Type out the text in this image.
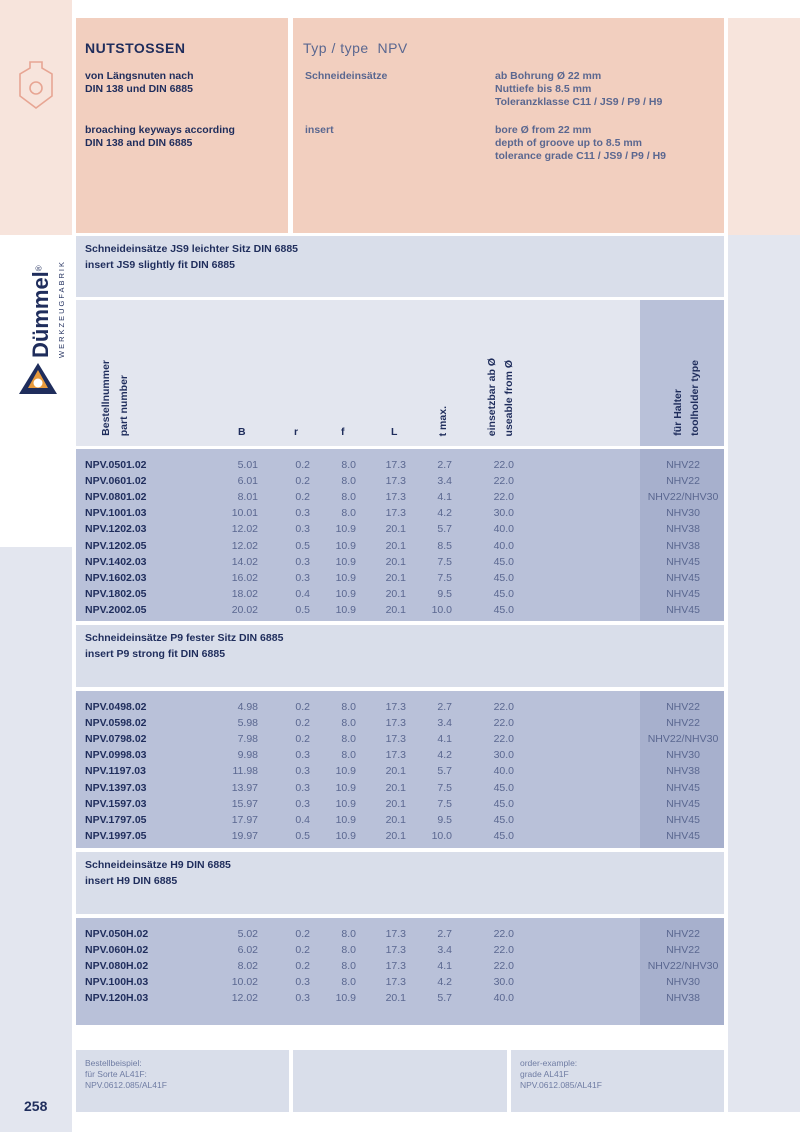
NUTSTOSSEN
von Längsnuten nach
DIN 138 und DIN 6885
broaching keyways according
DIN 138 and DIN 6885
Typ / type  NPV
Schneideinsätze
insert
ab Bohrung Ø 22 mm
Nuttiefe bis 8.5 mm
Toleranzklasse C11 / JS9 / P9 / H9
bore Ø from 22 mm
depth of groove up to 8.5 mm
tolerance grade C11 / JS9 / P9 / H9
Dümmel®	WERKZEUGFABRIK
Schneideinsätze JS9 leichter Sitz DIN 6885
insert JS9 slightly fit DIN 6885
Bestellnummer part number	B	r	f	L	t max.	einsetzbar ab Ø useable from Ø	für Halter toolholder type
NPV.0501.02	5.01	0.2	8.0	17.3	2.7	22.0	NHV22
NPV.0601.02	6.01	0.2	8.0	17.3	3.4	22.0	NHV22
NPV.0801.02	8.01	0.2	8.0	17.3	4.1	22.0	NHV22/NHV30
NPV.1001.03	10.01	0.3	8.0	17.3	4.2	30.0	NHV30
NPV.1202.03	12.02	0.3 10.9	20.1	5.7	40.0	NHV38
NPV.1202.05	12.02	0.5 10.9	20.1	8.5	40.0	NHV38
NPV.1402.03	14.02	0.3 10.9	20.1	7.5	45.0	NHV45
NPV.1602.03	16.02	0.3 10.9	20.1	7.5	45.0	NHV45
NPV.1802.05	18.02	0.4 10.9	20.1	9.5	45.0	NHV45
NPV.2002.05	20.02	0.5 10.9	20.1 10.0	45.0	NHV45
Schneideinsätze P9 fester Sitz DIN 6885
insert P9 strong fit DIN 6885
NPV.0498.02	4.98	0.2	8.0	17.3	2.7	22.0	NHV22
NPV.0598.02	5.98	0.2	8.0	17.3	3.4	22.0	NHV22
NPV.0798.02	7.98	0.2	8.0	17.3	4.1	22.0	NHV22/NHV30
NPV.0998.03	9.98	0.3	8.0	17.3	4.2	30.0	NHV30
NPV.1197.03	11.98	0.3 10.9	20.1	5.7	40.0	NHV38
NPV.1397.03	13.97	0.3 10.9	20.1	7.5	45.0	NHV45
NPV.1597.03	15.97	0.3 10.9	20.1	7.5	45.0	NHV45
NPV.1797.05	17.97	0.4 10.9	20.1	9.5	45.0	NHV45
NPV.1997.05	19.97	0.5 10.9	20.1 10.0	45.0	NHV45
Schneideinsätze H9 DIN 6885
insert H9 DIN 6885
NPV.050H.02	5.02	0.2	8.0	17.3	2.7	22.0	NHV22
NPV.060H.02	6.02	0.2	8.0	17.3	3.4	22.0	NHV22
NPV.080H.02	8.02	0.2	8.0	17.3	4.1	22.0	NHV22/NHV30
NPV.100H.03	10.02	0.3	8.0	17.3	4.2	30.0	NHV30
NPV.120H.03	12.02	0.3 10.9	20.1	5.7	40.0	NHV38
Bestellbeispiel:
für Sorte AL41F:
NPV.0612.085/AL41F
order-example:
grade AL41F
NPV.0612.085/AL41F
258
